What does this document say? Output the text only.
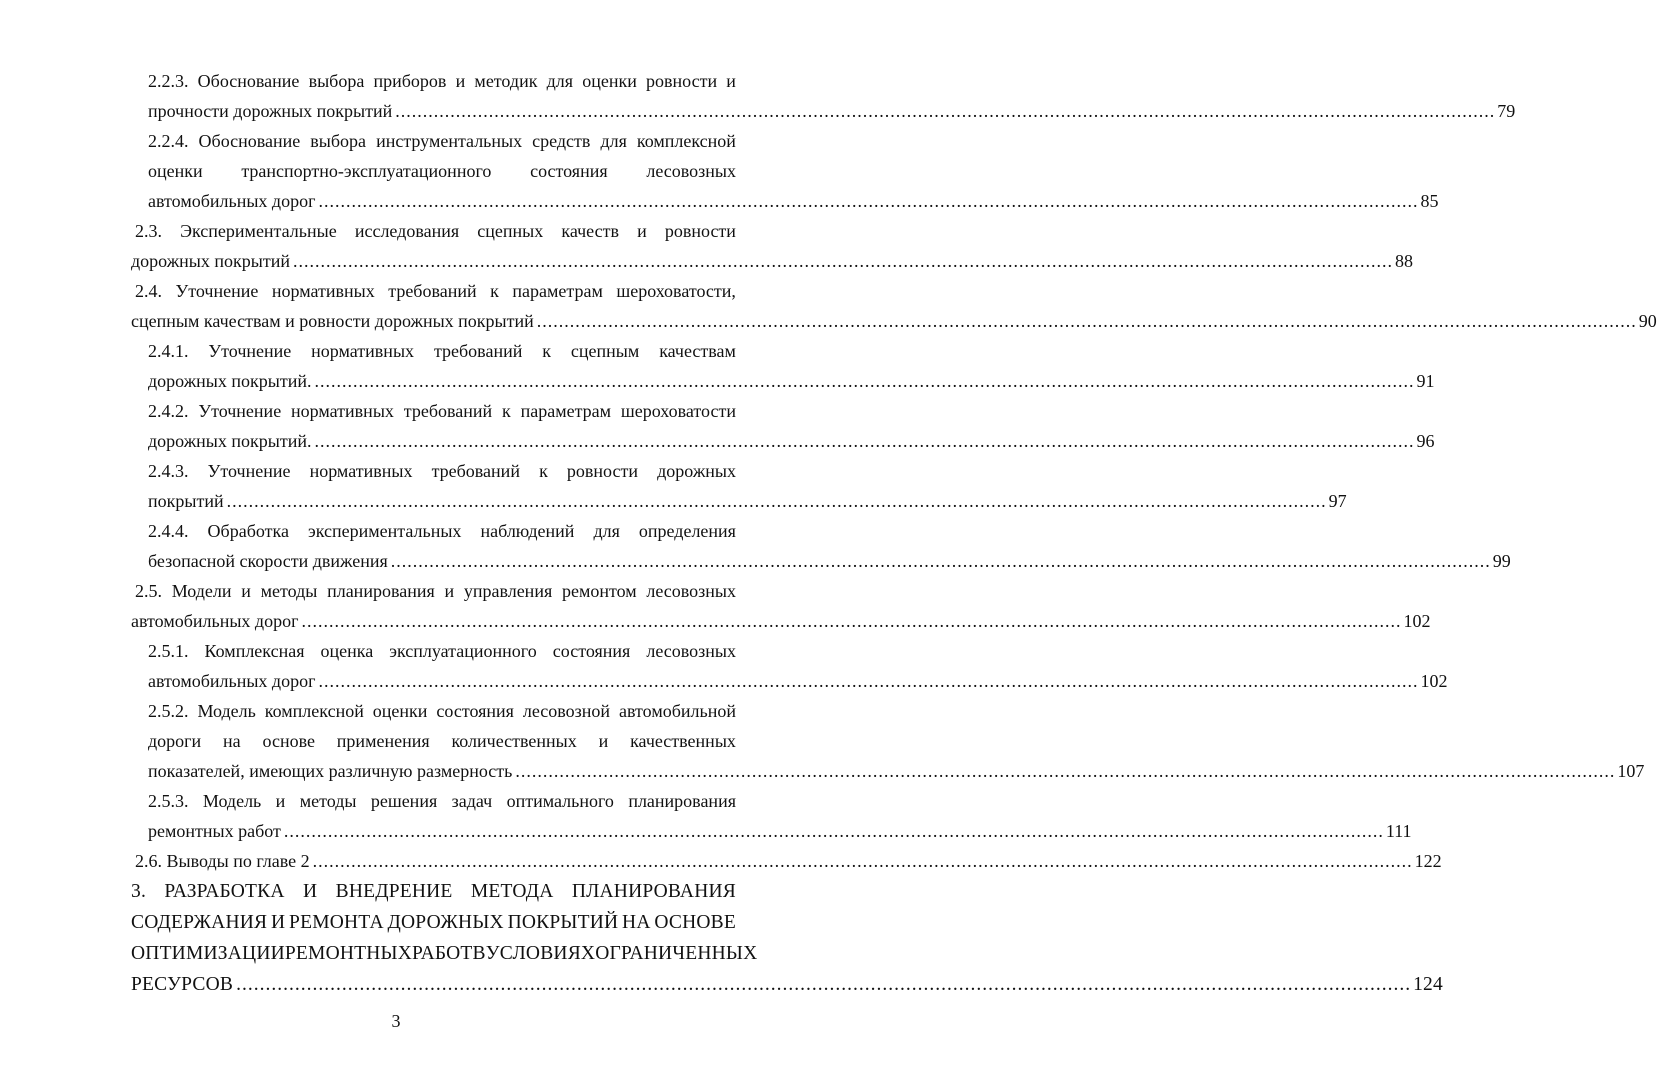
2.2.3. Обоснование выбора приборов и методик для оценки ровности и
прочности дорожных покрытий ........................................................................................................................................................................................................ 79
2.2.4. Обоснование выбора инструментальных средств для комплексной
оценки транспортно-эксплуатационного состояния лесовозных
автомобильных дорог ........................................................................................................................................................................................................ 85
2.3. Экспериментальные исследования сцепных качеств и ровности
дорожных покрытий ........................................................................................................................................................................................................ 88
2.4. Уточнение нормативных требований к параметрам шероховатости,
сцепным качествам и ровности дорожных покрытий ........................................................................................................................................................................................................ 90
2.4.1. Уточнение нормативных требований к сцепным качествам
дорожных покрытий. ........................................................................................................................................................................................................ 91
2.4.2. Уточнение нормативных требований к параметрам шероховатости
дорожных покрытий. ........................................................................................................................................................................................................ 96
2.4.3. Уточнение нормативных требований к ровности дорожных
покрытий ........................................................................................................................................................................................................ 97
2.4.4. Обработка экспериментальных наблюдений для определения
безопасной скорости движения ........................................................................................................................................................................................................ 99
2.5. Модели и методы планирования и управления ремонтом лесовозных
автомобильных дорог ........................................................................................................................................................................................................ 102
2.5.1. Комплексная оценка эксплуатационного состояния лесовозных
автомобильных дорог ........................................................................................................................................................................................................ 102
2.5.2. Модель комплексной оценки состояния лесовозной автомобильной
дороги на основе применения количественных и качественных
показателей, имеющих различную размерность ........................................................................................................................................................................................................ 107
2.5.3. Модель и методы решения задач оптимального планирования
ремонтных работ ........................................................................................................................................................................................................ 111
2.6. Выводы по главе 2 ........................................................................................................................................................................................................ 122
3. РАЗРАБОТКА И ВНЕДРЕНИЕ МЕТОДА ПЛАНИРОВАНИЯ
СОДЕРЖАНИЯ И РЕМОНТА ДОРОЖНЫХ ПОКРЫТИЙ НА ОСНОВЕ
ОПТИМИЗАЦИИ РЕМОНТНЫХ РАБОТ В УСЛОВИЯХ ОГРАНИЧЕННЫХ
РЕСУРСОВ ........................................................................................................................................................................................................ 124
3
